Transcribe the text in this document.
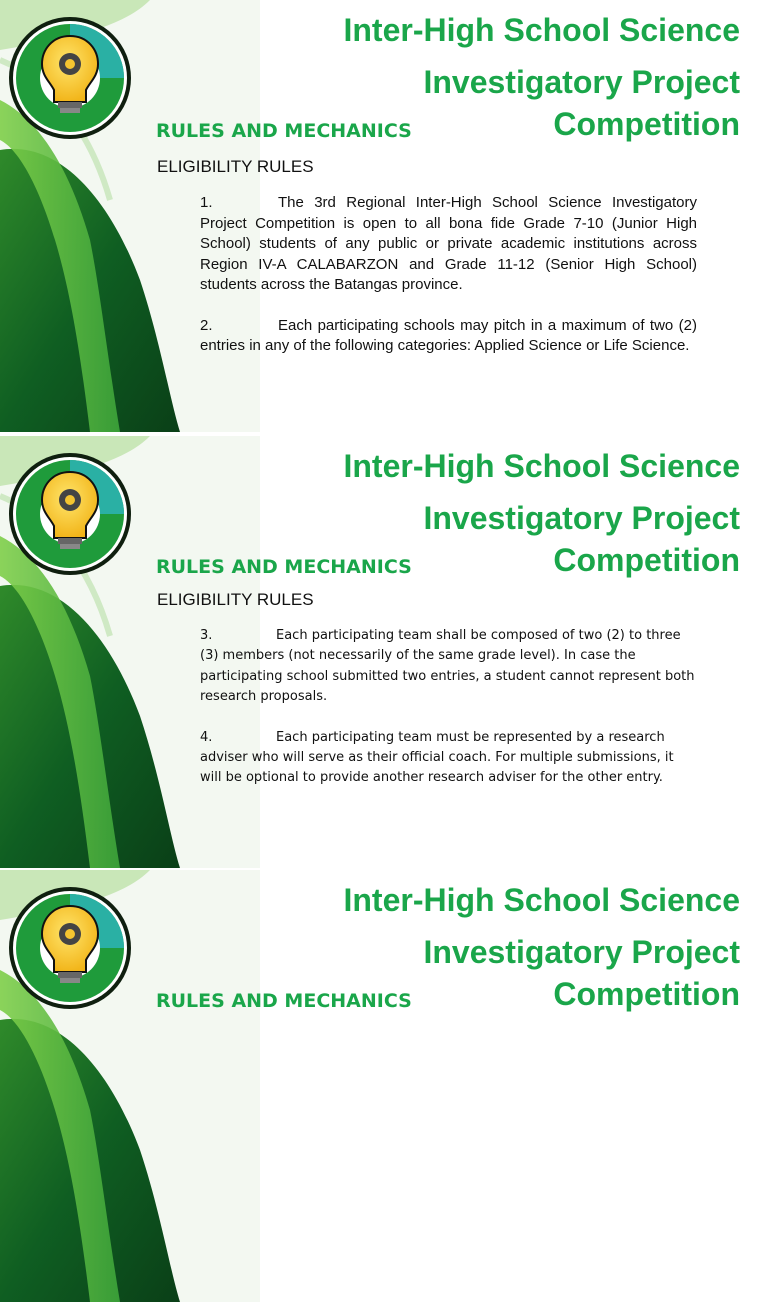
Inter-High School Science
Investigatory Project
Competition
RULES AND MECHANICS
ELIGIBILITY RULES

1.	The 3rd Regional Inter-High School Science Investigatory Project Competition is open to all bona fide Grade 7-10 (Junior High School) students of any public or private academic institutions across Region IV-A CALABARZON and Grade 11-12 (Senior High School) students across the Batangas province.

2.	Each participating schools may pitch in a maximum of two (2) entries in any of the following categories: Applied Science or Life Science.

Inter-High School Science
Investigatory Project
Competition
RULES AND MECHANICS
ELIGIBILITY RULES

3.	Each participating team shall be composed of two (2) to three (3) members (not necessarily of the same grade level). In case the participating school submitted two entries, a student cannot represent both research proposals.

4.	Each participating team must be represented by a research adviser who will serve as their official coach. For multiple submissions, it will be optional to provide another research adviser for the other entry.

Inter-High School Science
Investigatory Project
Competition
RULES AND MECHANICS
